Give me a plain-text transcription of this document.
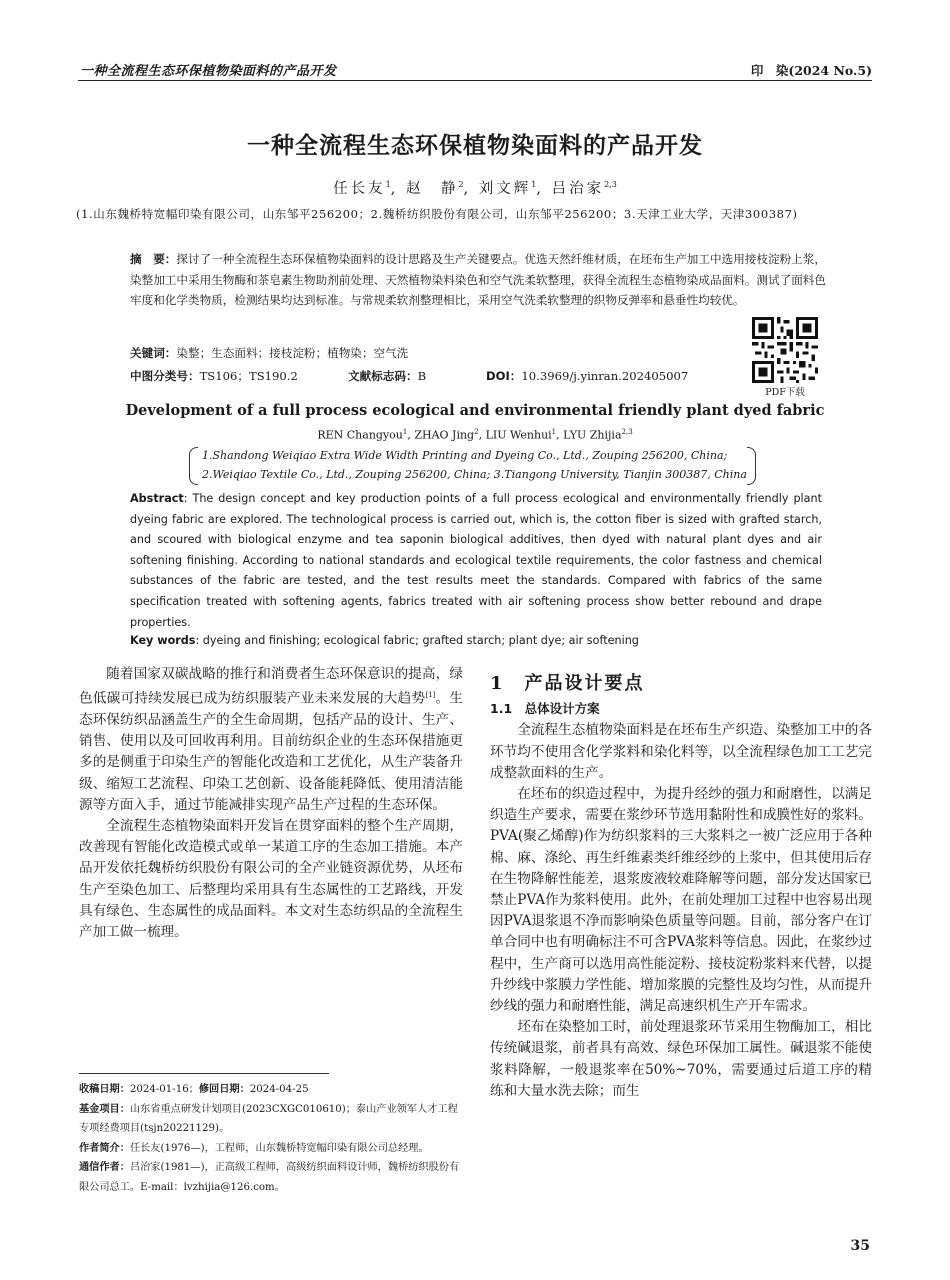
一种全流程生态环保植物染面料的产品开发	印　染(2024 No.5)
一种全流程生态环保植物染面料的产品开发
任长友$^1$, 赵　静$^2$, 刘文辉$^1$, 吕治家$^{2,3}$
(1.山东魏桥特宽幅印染有限公司，山东邹平256200；2.魏桥纺织股份有限公司，山东邹平256200；3.天津工业大学，天津300387)
摘　要：探讨了一种全流程生态环保植物染面料的设计思路及生产关键要点。优选天然纤维材质，在坯布生产加工中选用接枝淀粉上浆，染整加工中采用生物酶和茶皂素生物助剂前处理、天然植物染料染色和空气洗柔软整理，获得全流程生态植物染成品面料。测试了面料色牢度和化学类物质，检测结果均达到标准。与常规柔软剂整理相比，采用空气洗柔软整理的织物反弹率和悬垂性均较优。
关键词：染整；生态面料；接枝淀粉；植物染；空气洗
中图分类号：TS106；TS190.2	文献标志码：B	DOI：10.3969/j.yinran.202405007
PDF下载
Development of a full process ecological and environmental friendly plant dyed fabric
REN Changyou$^1$, ZHAO Jing$^2$, LIU Wenhui$^1$, LYU Zhijia$^{2,3}$
1.Shandong Weiqiao Extra Wide Width Printing and Dyeing Co., Ltd., Zouping 256200, China;
2.Weiqiao Textile Co., Ltd., Zouping 256200, China; 3.Tiangong University, Tianjin 300387, China
Abstract: The design concept and key production points of a full process ecological and environmentally friendly plant dyeing fabric are explored. The technological process is carried out, which is, the cotton fiber is sized with grafted starch, and scoured with biological enzyme and tea saponin biological additives, then dyed with natural plant dyes and air softening finishing. According to national standards and ecological textile requirements, the color fastness and chemical substances of the fabric are tested, and the test results meet the standards. Compared with fabrics of the same specification treated with softening agents, fabrics treated with air softening process show better rebound and drape properties.
Key words: dyeing and finishing; ecological fabric; grafted starch; plant dye; air softening

随着国家双碳战略的推行和消费者生态环保意识的提高，绿色低碳可持续发展已成为纺织服装产业未来发展的大趋势[1]。生态环保纺织品涵盖生产的全生命周期，包括产品的设计、生产、销售、使用以及可回收再利用。目前纺织企业的生态环保措施更多的是侧重于印染生产的智能化改造和工艺优化，从生产装备升级、缩短工艺流程、印染工艺创新、设备能耗降低、使用清洁能源等方面入手，通过节能减排实现产品生产过程的生态环保。

全流程生态植物染面料开发旨在贯穿面料的整个生产周期，改善现有智能化改造模式或单一某道工序的生态加工措施。本产品开发依托魏桥纺织股份有限公司的全产业链资源优势，从坯布生产至染色加工、后整理均采用具有生态属性的工艺路线，开发具有绿色、生态属性的成品面料。本文对生态纺织品的全流程生产加工做一梳理。

收稿日期：2024-01-16；修回日期：2024-04-25
基金项目：山东省重点研发计划项目(2023CXGC010610)；泰山产业领军人才工程专项经费项目(tsjn20221129)。
作者简介：任长友(1976—)，工程师，山东魏桥特宽幅印染有限公司总经理。
通信作者：吕治家(1981—)，正高级工程师，高级纺织面料设计师，魏桥纺织股份有限公司总工。E-mail：lvzhijia@126.com。
1　产品设计要点
1.1　总体设计方案

全流程生态植物染面料是在坯布生产织造、染整加工中的各环节均不使用含化学浆料和染化料等，以全流程绿色加工工艺完成整款面料的生产。

在坯布的织造过程中，为提升经纱的强力和耐磨性，以满足织造生产要求，需要在浆纱环节选用黏附性和成膜性好的浆料。PVA(聚乙烯醇)作为纺织浆料的三大浆料之一被广泛应用于各种棉、麻、涤纶、再生纤维素类纤维经纱的上浆中，但其使用后存在生物降解性能差，退浆废液较难降解等问题，部分发达国家已禁止PVA作为浆料使用。此外，在前处理加工过程中也容易出现因PVA退浆退不净而影响染色质量等问题。目前，部分客户在订单合同中也有明确标注不可含PVA浆料等信息。因此，在浆纱过程中，生产商可以选用高性能淀粉、接枝淀粉浆料来代替，以提升纱线中浆膜力学性能、增加浆膜的完整性及均匀性，从而提升纱线的强力和耐磨性能，满足高速织机生产开车需求。

坯布在染整加工时，前处理退浆环节采用生物酶加工，相比传统碱退浆，前者具有高效、绿色环保加工属性。碱退浆不能使浆料降解，一般退浆率在50%~70%，需要通过后道工序的精练和大量水洗去除；而生

35
